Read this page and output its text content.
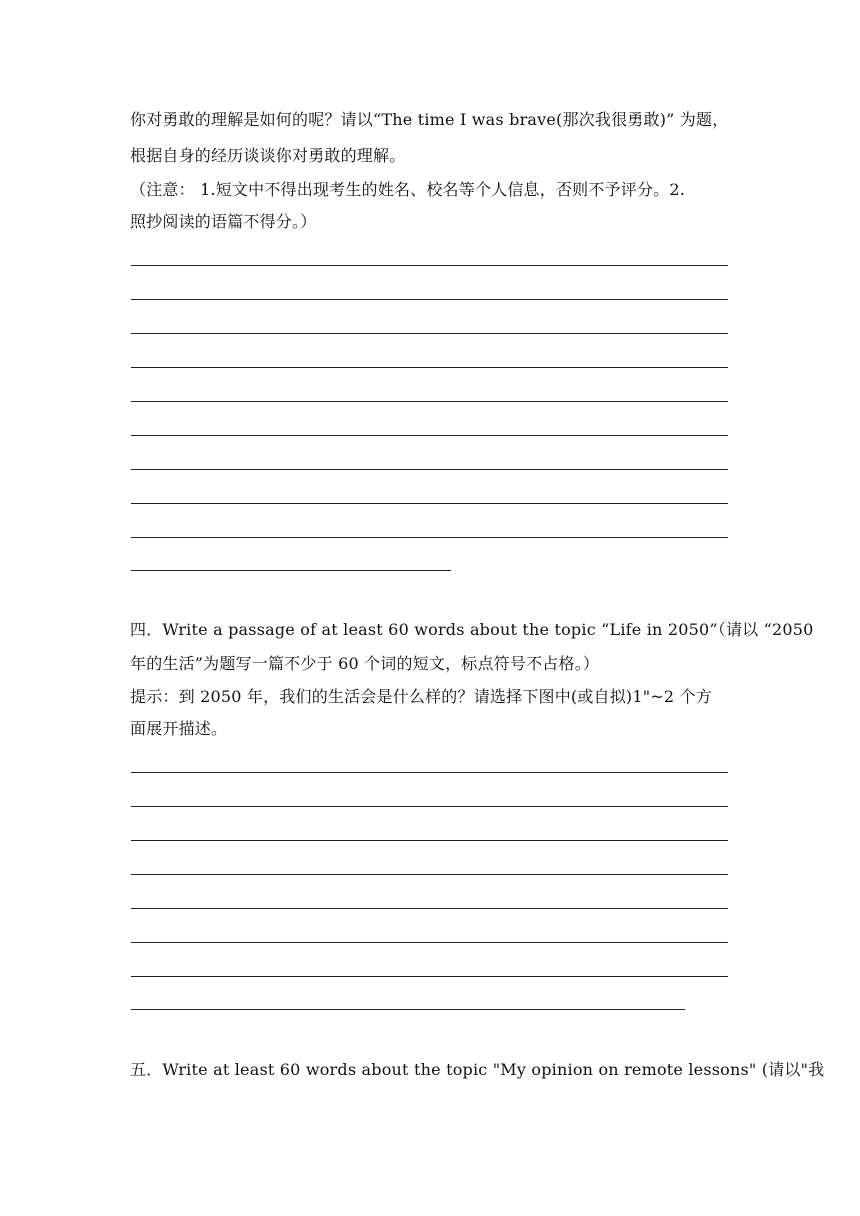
你对勇敢的理解是如何的呢？请以“The time I was brave(那次我很勇敢)” 为题，
根据自身的经历谈谈你对勇敢的理解。
（注意： 1.短文中不得出现考生的姓名、校名等个人信息，否则不予评分。2.
照抄阅读的语篇不得分。）
四．Write a passage of at least 60 words about the topic “Life in 2050”（请以 “2050
年的生活”为题写一篇不少于 60 个词的短文，标点符号不占格。）
提示：到 2050 年，我们的生活会是什么样的？请选择下图中(或自拟)1"~2 个方
面展开描述。
五．Write at least 60 words about the topic "My opinion on remote lessons" (请以"我
